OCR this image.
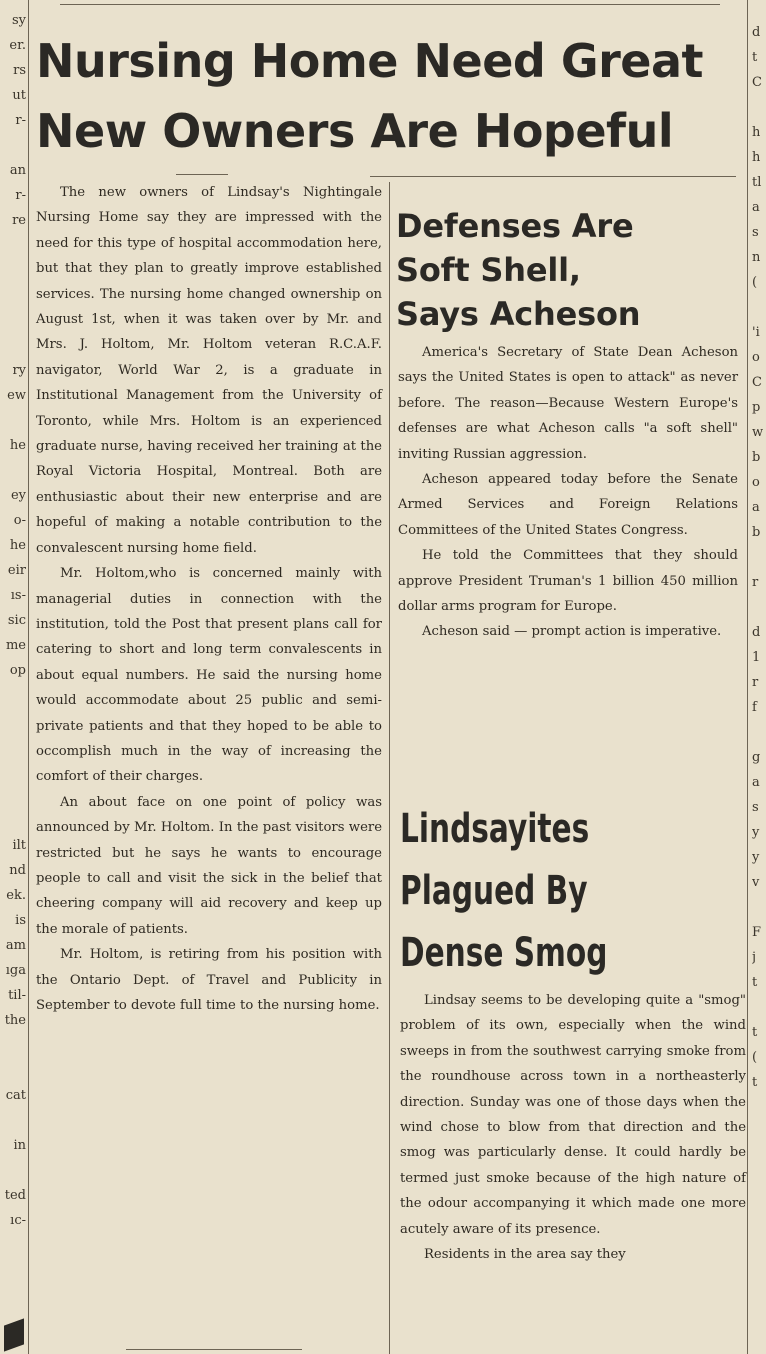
sy
er.
rs
ut
r-

an
r-
re

ry
ew

he

ey
o-
he
eir
ıs-
sic
me
op

ilt
nd
ek.
is
am
ıga
til-
the

cat

in

ted
ıc-
d
t
C

h
h
tl
a
s
n
(

'i
o
C
p
w
b
o
a
b

r

d
1
r
f

g
a
s
y
y
v

F
j
t

t
(
t

Nursing Home Need Great
New Owners Are Hopeful

The new owners of Lindsay's Nightingale Nursing Home say they are impressed with the need for this type of hospital accommodation here, but that they plan to greatly improve established services. The nursing home changed ownership on August 1st, when it was taken over by Mr. and Mrs. J. Holtom, Mr. Holtom veteran R.C.A.F. navigator, World War 2, is a graduate in Institutional Management from the University of Toronto, while Mrs. Holtom is an experienced graduate nurse, having received her training at the Royal Victoria Hospital, Montreal. Both are enthusiastic about their new enterprise and are hopeful of making a notable contribution to the convalescent nursing home field.

Mr. Holtom,who is concerned mainly with managerial duties in connection with the institution, told the Post that present plans call for catering to short and long term convalescents in about equal numbers. He said the nursing home would accommodate about 25 public and semi-private patients and that they hoped to be able to occomplish much in the way of increasing the comfort of their charges.

An about face on one point of policy was announced by Mr. Holtom. In the past visitors were restricted but he says he wants to encourage people to call and visit the sick in the belief that cheering company will aid recovery and keep up the morale of patients.

Mr. Holtom, is retiring from his position with the Ontario Dept. of Travel and Publicity in September to devote full time to the nursing home.

Defenses Are
Soft Shell,
Says Acheson

America's Secretary of State Dean Acheson says the United States is open to attack" as never before. The reason—Because Western Europe's defenses are what Acheson calls "a soft shell" inviting Russian aggression.

Acheson appeared today before the Senate Armed Services and Foreign Relations Committees of the United States Congress.

He told the Committees that they should approve President Truman's 1 billion 450 million dollar arms program for Europe.

Acheson said — prompt action is imperative.

Lindsayites
Plagued By
Dense Smog

Lindsay seems to be developing quite a "smog" problem of its own, especially when the wind sweeps in from the southwest carrying smoke from the roundhouse across town in a northeasterly direction. Sunday was one of those days when the wind chose to blow from that direction and the smog was particularly dense. It could hardly be termed just smoke because of the high nature of the odour accompanying it which made one more acutely aware of its presence.

Residents in the area say they
